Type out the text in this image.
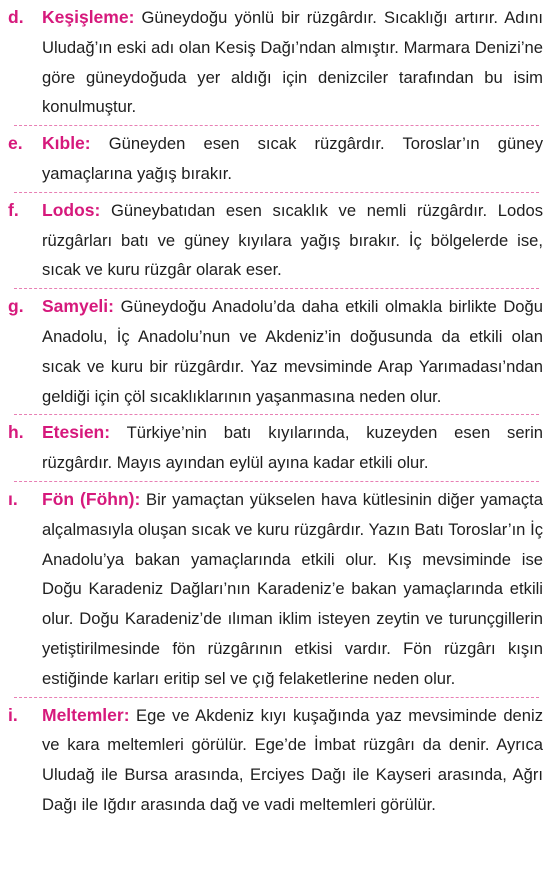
d. Keşişleme: Güneydoğu yönlü bir rüzgârdır. Sıcaklığı artırır. Adını Uludağ’ın eski adı olan Kesiş Dağı’ndan almıştır. Marmara Denizi’ne göre güneydoğuda yer aldığı için denizciler tarafından bu isim konulmuştur.

e. Kıble: Güneyden esen sıcak rüzgârdır. Toroslar’ın güney yamaçlarına yağış bırakır.

f. Lodos: Güneybatıdan esen sıcaklık ve nemli rüzgârdır. Lodos rüzgârları batı ve güney kıyılara yağış bırakır. İç bölgelerde ise, sıcak ve kuru rüzgâr olarak eser.

g. Samyeli: Güneydoğu Anadolu’da daha etkili olmakla birlikte Doğu Anadolu, İç Anadolu’nun ve Akdeniz’in doğusunda da etkili olan sıcak ve kuru bir rüzgârdır. Yaz mevsiminde Arap Yarımadası’ndan geldiği için çöl sıcaklıklarının yaşanmasına neden olur.

h. Etesien: Türkiye’nin batı kıyılarında, kuzeyden esen serin rüzgârdır. Mayıs ayından eylül ayına kadar etkili olur.

ı. Fön (Föhn): Bir yamaçtan yükselen hava kütlesinin diğer yamaçta alçalmasıyla oluşan sıcak ve kuru rüzgârdır. Yazın Batı Toroslar’ın İç Anadolu’ya bakan yamaçlarında etkili olur. Kış mevsiminde ise Doğu Karadeniz Dağları’nın Karadeniz’e bakan yamaçlarında etkili olur. Doğu Karadeniz’de ılıman iklim isteyen zeytin ve turunçgillerin yetiştirilmesinde fön rüzgârının etkisi vardır. Fön rüzgârı kışın estiğinde karları eritip sel ve çığ felaketlerine neden olur.

i. Meltemler: Ege ve Akdeniz kıyı kuşağında yaz mevsiminde deniz ve kara meltemleri görülür. Ege’de İmbat rüzgârı da denir. Ayrıca Uludağ ile Bursa arasında, Erciyes Dağı ile Kayseri arasında, Ağrı Dağı ile Iğdır arasında dağ ve vadi meltemleri görülür.
